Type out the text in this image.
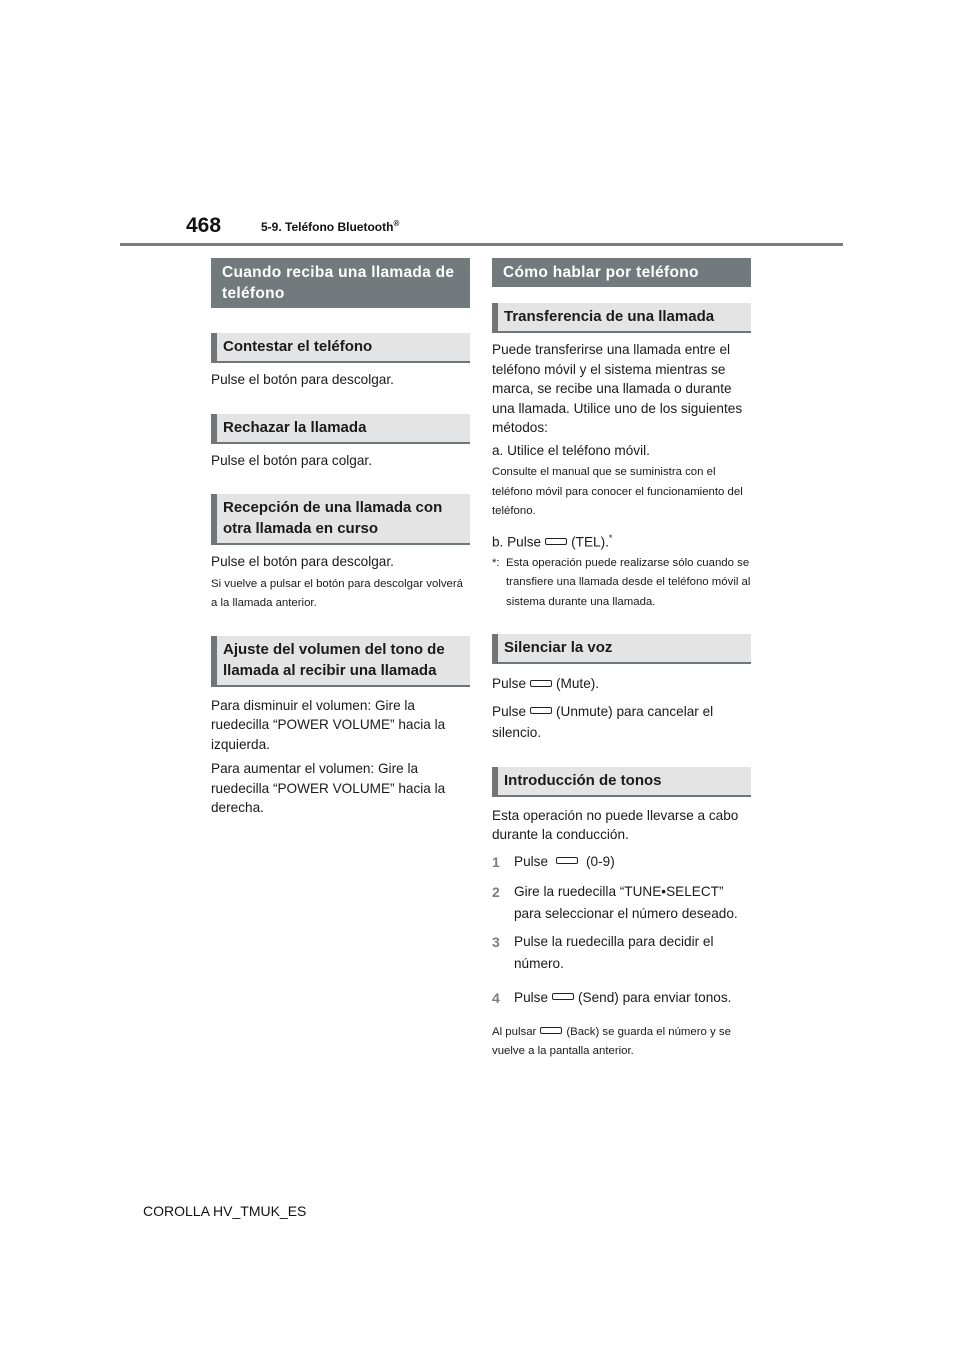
468	5-9. Teléfono Bluetooth®
Cuando reciba una llamada de teléfono
Contestar el teléfono

Pulse el botón para descolgar.

Rechazar la llamada

Pulse el botón para colgar.

Recepción de una llamada con otra llamada en curso

Pulse el botón para descolgar.

Si vuelve a pulsar el botón para descolgar volverá a la llamada anterior.

Ajuste del volumen del tono de llamada al recibir una llamada

Para disminuir el volumen: Gire la ruedecilla “POWER VOLUME” hacia la izquierda.

Para aumentar el volumen: Gire la ruedecilla “POWER VOLUME” hacia la derecha.

Cómo hablar por teléfono
Transferencia de una llamada

Puede transferirse una llamada entre el teléfono móvil y el sistema mientras se marca, se recibe una llamada o durante una llamada. Utilice uno de los siguientes métodos:

a. Utilice el teléfono móvil.

Consulte el manual que se suministra con el teléfono móvil para conocer el funcionamiento del teléfono.

b. Pulse (TEL).*

*: Esta operación puede realizarse sólo cuando se transfiere una llamada desde el teléfono móvil al sistema durante una llamada.
Silenciar la voz

Pulse (Mute).

Pulse (Unmute) para cancelar el silencio.

Introducción de tonos

Esta operación no puede llevarse a cabo durante la conducción.

1	Pulse	(0-9)
2	Gire la ruedecilla “TUNE•SELECT” para seleccionar el número deseado.
3	Pulse la ruedecilla para decidir el número.
4	Pulse (Send) para enviar tonos.

Al pulsar	(Back) se guarda el número y se vuelve a la pantalla anterior.

COROLLA HV_TMUK_ES
